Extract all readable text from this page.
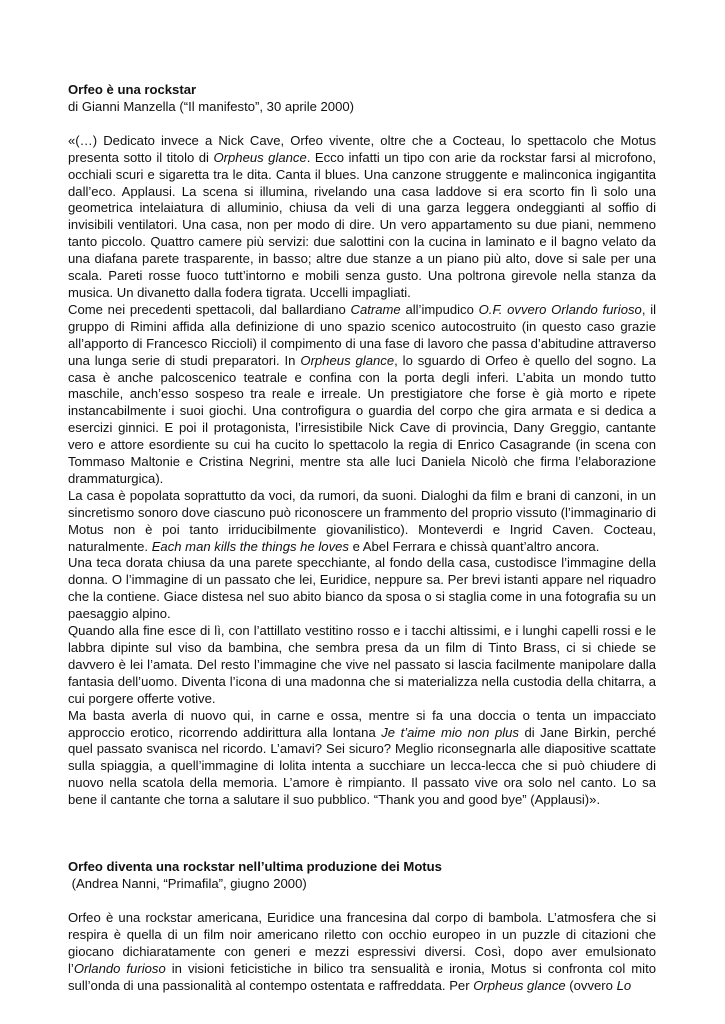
Orfeo è una rockstar

di Gianni Manzella (“Il manifesto”, 30 aprile 2000)

«(…) Dedicato invece a Nick Cave, Orfeo vivente, oltre che a Cocteau, lo spettacolo che Motus presenta sotto il titolo di Orpheus glance. Ecco infatti un tipo con arie da rockstar farsi al microfono, occhiali scuri e sigaretta tra le dita. Canta il blues. Una canzone struggente e malinconica ingigantita dall’eco. Applausi. La scena si illumina, rivelando una casa laddove si era scorto fin lì solo una geometrica intelaiatura di alluminio, chiusa da veli di una garza leggera ondeggianti al soffio di invisibili ventilatori. Una casa, non per modo di dire. Un vero appartamento su due piani, nemmeno tanto piccolo. Quattro camere più servizi: due salottini con la cucina in laminato e il bagno velato da una diafana parete trasparente, in basso; altre due stanze a un piano più alto, dove si sale per una scala. Pareti rosse fuoco tutt’intorno e mobili senza gusto. Una poltrona girevole nella stanza da musica. Un divanetto dalla fodera tigrata. Uccelli impagliati.

Come nei precedenti spettacoli, dal ballardiano Catrame all’impudico O.F. ovvero Orlando furioso, il gruppo di Rimini affida alla definizione di uno spazio scenico autocostruito (in questo caso grazie all’apporto di Francesco Riccioli) il compimento di una fase di lavoro che passa d’abitudine attraverso una lunga serie di studi preparatori. In Orpheus glance, lo sguardo di Orfeo è quello del sogno. La casa è anche palcoscenico teatrale e confina con la porta degli inferi. L’abita un mondo tutto maschile, anch’esso sospeso tra reale e irreale. Un prestigiatore che forse è già morto e ripete instancabilmente i suoi giochi. Una controfigura o guardia del corpo che gira armata e si dedica a esercizi ginnici. E poi il protagonista, l’irresistibile Nick Cave di provincia, Dany Greggio, cantante vero e attore esordiente su cui ha cucito lo spettacolo la regia di Enrico Casagrande (in scena con Tommaso Maltonie e Cristina Negrini, mentre sta alle luci Daniela Nicolò che firma l’elaborazione drammaturgica).

La casa è popolata soprattutto da voci, da rumori, da suoni. Dialoghi da film e brani di canzoni, in un sincretismo sonoro dove ciascuno può riconoscere un frammento del proprio vissuto (l’immaginario di Motus non è poi tanto irriducibilmente giovanilistico). Monteverdi e Ingrid Caven. Cocteau, naturalmente. Each man kills the things he loves e Abel Ferrara e chissà quant’altro ancora.

Una teca dorata chiusa da una parete specchiante, al fondo della casa, custodisce l’immagine della donna. O l’immagine di un passato che lei, Euridice, neppure sa. Per brevi istanti appare nel riquadro che la contiene. Giace distesa nel suo abito bianco da sposa o si staglia come in una fotografia su un paesaggio alpino.

Quando alla fine esce di lì, con l’attillato vestitino rosso e i tacchi altissimi, e i lunghi capelli rossi e le labbra dipinte sul viso da bambina, che sembra presa da un film di Tinto Brass, ci si chiede se davvero è lei l’amata. Del resto l’immagine che vive nel passato si lascia facilmente manipolare dalla fantasia dell’uomo. Diventa l’icona di una madonna che si materializza nella custodia della chitarra, a cui porgere offerte votive.

Ma basta averla di nuovo qui, in carne e ossa, mentre si fa una doccia o tenta un impacciato approccio erotico, ricorrendo addirittura alla lontana Je t’aime mio non plus di Jane Birkin, perché quel passato svanisca nel ricordo. L’amavi? Sei sicuro? Meglio riconsegnarla alle diapositive scattate sulla spiaggia, a quell’immagine di lolita intenta a succhiare un lecca-lecca che si può chiudere di nuovo nella scatola della memoria. L’amore è rimpianto. Il passato vive ora solo nel canto. Lo sa bene il cantante che torna a salutare il suo pubblico. “Thank you and good bye” (Applausi)».

Orfeo diventa una rockstar nell’ultima produzione dei Motus

(Andrea Nanni, “Primafila”, giugno 2000)

Orfeo è una rockstar americana, Euridice una francesina dal corpo di bambola. L’atmosfera che si respira è quella di un film noir americano riletto con occhio europeo in un puzzle di citazioni che giocano dichiaratamente con generi e mezzi espressivi diversi. Così, dopo aver emulsionato l’Orlando furioso in visioni feticistiche in bilico tra sensualità e ironia, Motus si confronta col mito sull’onda di una passionalità al contempo ostentata e raffreddata. Per Orpheus glance (ovvero Lo
